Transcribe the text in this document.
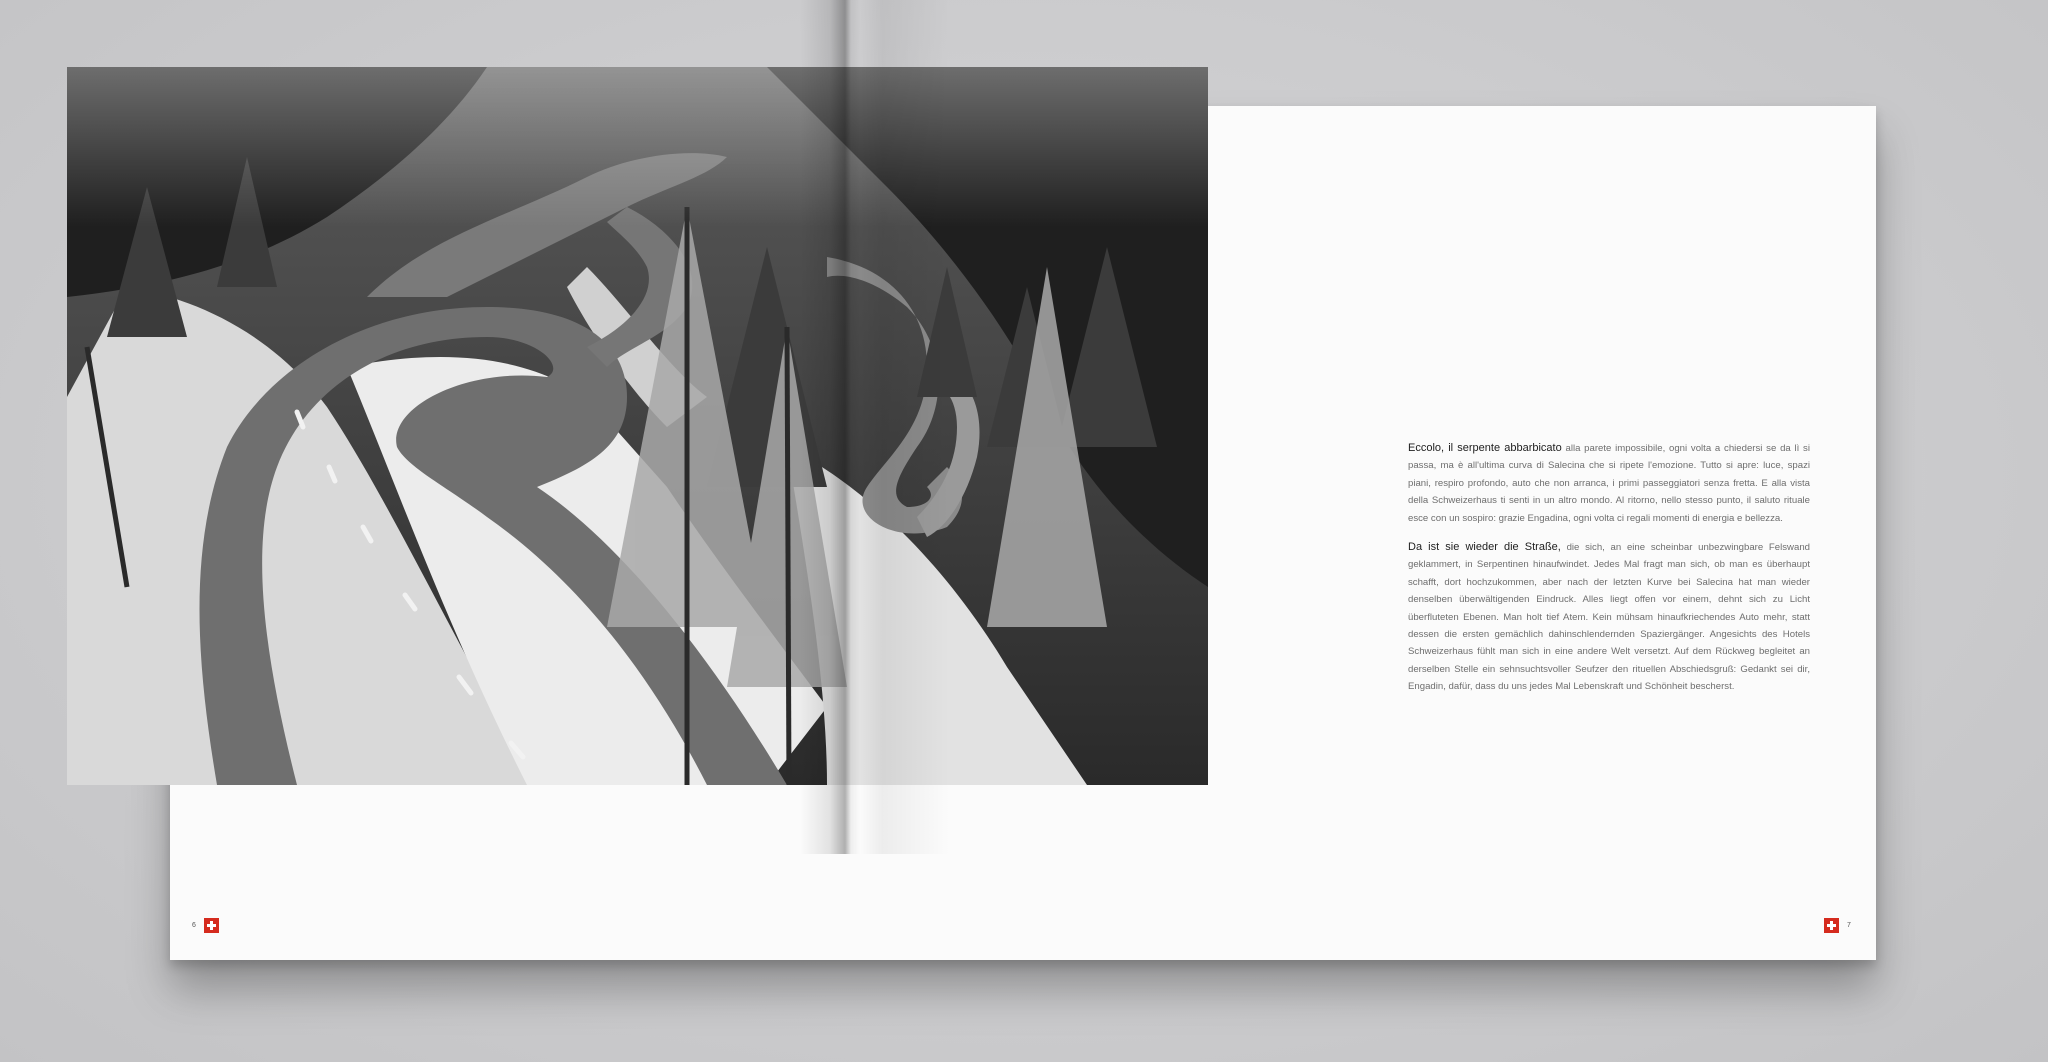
Eccolo, il serpente abbarbicato alla parete impossibile, ogni volta a chiedersi se da lì si passa, ma è all'ultima curva di Salecina che si ripete l'emozione. Tutto si apre: luce, spazi piani, respiro profondo, auto che non arranca, i primi passeggiatori senza fretta. E alla vista della Schweizerhaus ti senti in un altro mondo. Al ritorno, nello stesso punto, il saluto rituale esce con un sospiro: grazie Engadina, ogni volta ci regali momenti di energia e bellezza.

Da ist sie wieder die Straße, die sich, an eine scheinbar unbezwingbare Felswand geklammert, in Serpentinen hinaufwindet. Jedes Mal fragt man sich, ob man es überhaupt schafft, dort hochzukommen, aber nach der letzten Kurve bei Salecina hat man wieder denselben überwältigenden Eindruck. Alles liegt offen vor einem, dehnt sich zu Licht überfluteten Ebenen. Man holt tief Atem. Kein mühsam hinaufkriechendes Auto mehr, statt dessen die ersten gemächlich dahinschlendernden Spaziergänger. Angesichts des Hotels Schweizerhaus fühlt man sich in eine andere Welt versetzt. Auf dem Rückweg begleitet an derselben Stelle ein sehnsuchtsvoller Seufzer den rituellen Abschiedsgruß: Gedankt sei dir, Engadin, dafür, dass du uns jedes Mal Lebenskraft und Schönheit bescherst.

6	7
